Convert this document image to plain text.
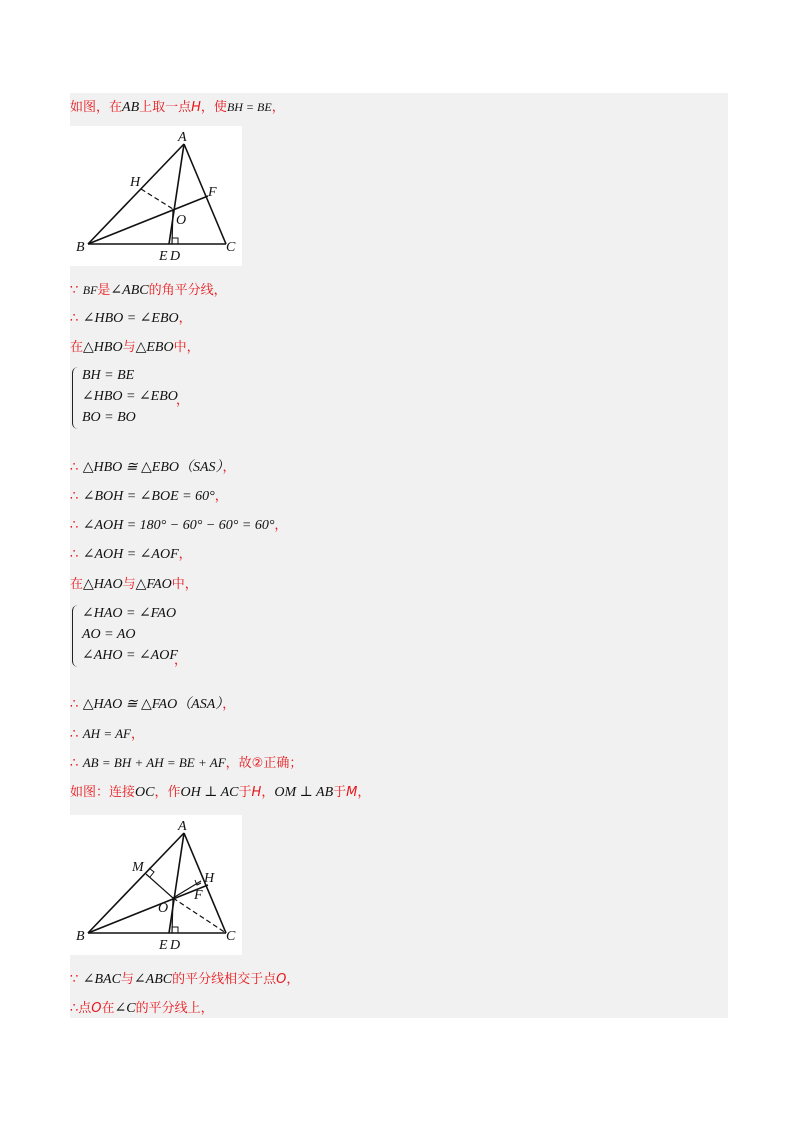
如图，在AB上取一点H，使BH = BE，
A
B	C
H
F
O
E D
∵ BF是∠ABC的角平分线，
∴ ∠HBO = ∠EBO，
在△HBO与△EBO中，
BH = BE
∠HBO = ∠EBO
BO = BO
，
∴ △HBO ≅ △EBO（SAS），
∴ ∠BOH = ∠BOE = 60°，
∴ ∠AOH = 180° − 60° − 60° = 60°，
∴ ∠AOH = ∠AOF，
在△HAO与△FAO中，
∠HAO = ∠FAO
AO = AO
∠AHO = ∠AOF
，
∴ △HAO ≅ △FAO（ASA），
∴ AH = AF，
∴ AB = BH + AH = BE + AF，故②正确；
如图：连接OC，作OH ⊥ AC于H，OM ⊥ AB于M，
A
B	C
M
H
F
O
E D
∵ ∠BAC与∠ABC的平分线相交于点O，
∴点O在∠C的平分线上，
